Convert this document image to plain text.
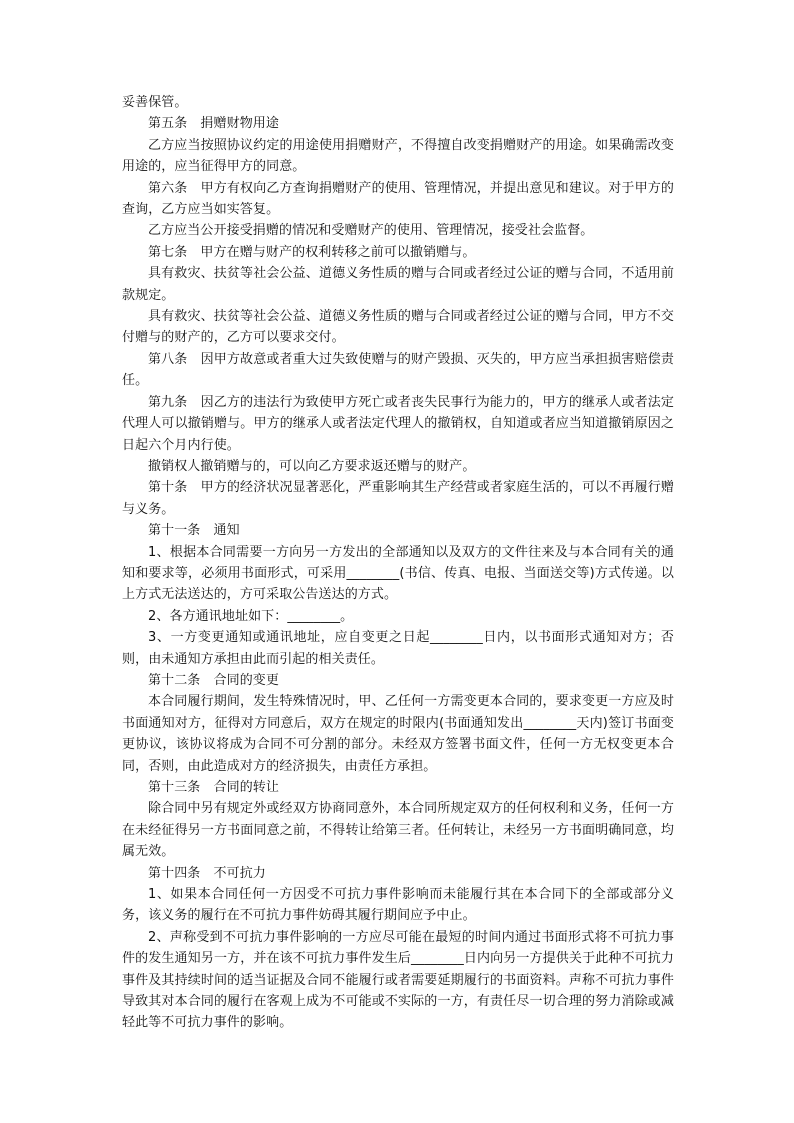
妥善保管。

第五条　捐赠财物用途

乙方应当按照协议约定的用途使用捐赠财产，不得擅自改变捐赠财产的用途。如果确需改变用途的，应当征得甲方的同意。

第六条　甲方有权向乙方查询捐赠财产的使用、管理情况，并提出意见和建议。对于甲方的查询，乙方应当如实答复。

乙方应当公开接受捐赠的情况和受赠财产的使用、管理情况，接受社会监督。

第七条　甲方在赠与财产的权利转移之前可以撤销赠与。

具有救灾、扶贫等社会公益、道德义务性质的赠与合同或者经过公证的赠与合同，不适用前款规定。

具有救灾、扶贫等社会公益、道德义务性质的赠与合同或者经过公证的赠与合同，甲方不交付赠与的财产的，乙方可以要求交付。

第八条　因甲方故意或者重大过失致使赠与的财产毁损、灭失的，甲方应当承担损害赔偿责任。

第九条　因乙方的违法行为致使甲方死亡或者丧失民事行为能力的，甲方的继承人或者法定代理人可以撤销赠与。甲方的继承人或者法定代理人的撤销权，自知道或者应当知道撤销原因之日起六个月内行使。

撤销权人撤销赠与的，可以向乙方要求返还赠与的财产。

第十条　甲方的经济状况显著恶化，严重影响其生产经营或者家庭生活的，可以不再履行赠与义务。

第十一条　通知

1、根据本合同需要一方向另一方发出的全部通知以及双方的文件往来及与本合同有关的通知和要求等，必须用书面形式，可采用________(书信、传真、电报、当面送交等)方式传递。以上方式无法送达的，方可采取公告送达的方式。

2、各方通讯地址如下：________。

3、一方变更通知或通讯地址，应自变更之日起________日内，以书面形式通知对方；否则，由未通知方承担由此而引起的相关责任。

第十二条　合同的变更

本合同履行期间，发生特殊情况时，甲、乙任何一方需变更本合同的，要求变更一方应及时书面通知对方，征得对方同意后，双方在规定的时限内(书面通知发出________天内)签订书面变更协议，该协议将成为合同不可分割的部分。未经双方签署书面文件，任何一方无权变更本合同，否则，由此造成对方的经济损失，由责任方承担。

第十三条　合同的转让

除合同中另有规定外或经双方协商同意外，本合同所规定双方的任何权利和义务，任何一方在未经征得另一方书面同意之前，不得转让给第三者。任何转让，未经另一方书面明确同意，均属无效。

第十四条　不可抗力

1、如果本合同任何一方因受不可抗力事件影响而未能履行其在本合同下的全部或部分义务，该义务的履行在不可抗力事件妨碍其履行期间应予中止。

2、声称受到不可抗力事件影响的一方应尽可能在最短的时间内通过书面形式将不可抗力事件的发生通知另一方，并在该不可抗力事件发生后________日内向另一方提供关于此种不可抗力事件及其持续时间的适当证据及合同不能履行或者需要延期履行的书面资料。声称不可抗力事件导致其对本合同的履行在客观上成为不可能或不实际的一方，有责任尽一切合理的努力消除或减轻此等不可抗力事件的影响。
